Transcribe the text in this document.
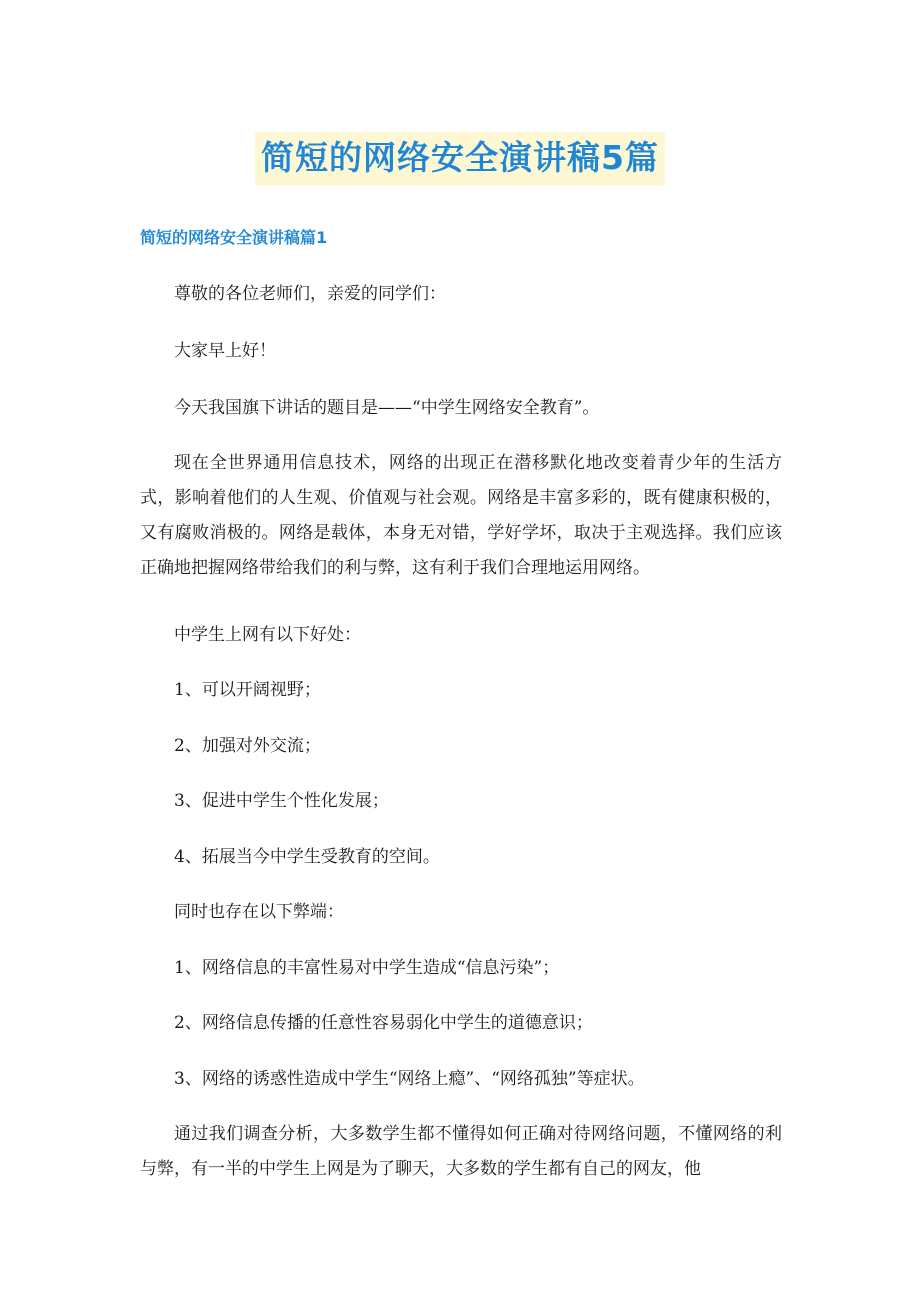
简短的网络安全演讲稿5篇
简短的网络安全演讲稿篇1

尊敬的各位老师们，亲爱的同学们：

大家早上好！

今天我国旗下讲话的题目是——“中学生网络安全教育”。

现在全世界通用信息技术，网络的出现正在潜移默化地改变着青少年的生活方式，影响着他们的人生观、价值观与社会观。网络是丰富多彩的，既有健康积极的，又有腐败消极的。网络是载体，本身无对错，学好学坏，取决于主观选择。我们应该正确地把握网络带给我们的利与弊，这有利于我们合理地运用网络。

中学生上网有以下好处：

1、可以开阔视野；

2、加强对外交流；

3、促进中学生个性化发展；

4、拓展当今中学生受教育的空间。

同时也存在以下弊端：

1、网络信息的丰富性易对中学生造成“信息污染”；

2、网络信息传播的任意性容易弱化中学生的道德意识；

3、网络的诱惑性造成中学生“网络上瘾”、“网络孤独”等症状。

通过我们调查分析，大多数学生都不懂得如何正确对待网络问题，不懂网络的利与弊，有一半的中学生上网是为了聊天，大多数的学生都有自己的网友，他
